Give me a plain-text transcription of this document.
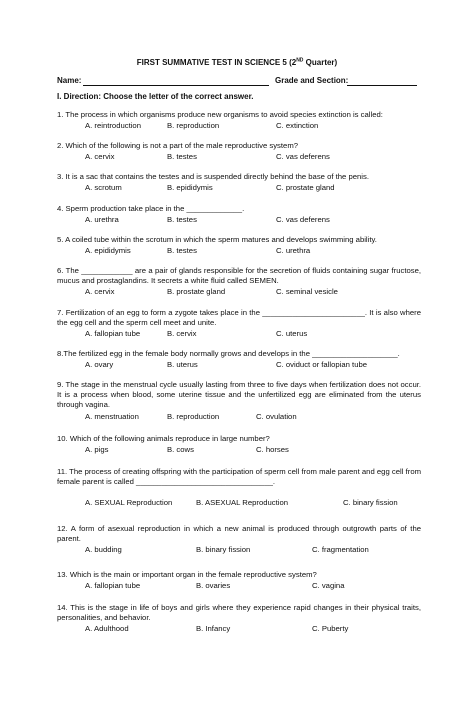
FIRST SUMMATIVE TEST IN SCIENCE 5 (2ND Quarter)
Name:	Grade and Section:
I. Direction: Choose the letter of the correct answer.
1. The process in which organisms produce new organisms to avoid species extinction is called:
A. reintroduction	B. reproduction	C. extinction
2. Which of the following is not a part of the male reproductive system?
A. cervix	B. testes	C. vas deferens
3. It is a sac that contains the testes and is suspended directly behind the base of the penis.
A. scrotum	B. epididymis	C. prostate gland
4. Sperm production take place in the _____________.
A. urethra	B. testes	C. vas deferens
5. A coiled tube within the scrotum in which the sperm matures and develops swimming ability.
A. epididymis	B. testes	C. urethra
6. The ____________ are a pair of glands responsible for the secretion of fluids containing sugar fructose, mucus and prostaglandins. It secrets a white fluid called SEMEN.
A. cervix	B. prostate gland	C. seminal vesicle
7. Fertilization of an egg to form a zygote takes place in the ________________________. It is also where the egg cell and the sperm cell meet and unite.
A. fallopian tube	B. cervix	C. uterus
8.The fertilized egg in the female body normally grows and develops in the ____________________.
A. ovary	B. uterus	C. oviduct or fallopian tube
9. The stage in the menstrual cycle usually lasting from three to five days when fertilization does not occur. It is a process when blood, some uterine tissue and the unfertilized egg are eliminated from the uterus through vagina.
A. menstruation	B. reproduction	C. ovulation
10. Which of the following animals reproduce in large number?
A. pigs	B. cows	C. horses
11. The process of creating offspring with the participation of sperm cell from male parent and egg cell from female parent is called ________________________________.
A. SEXUAL Reproduction	B. ASEXUAL Reproduction	C. binary fission
12. A form of asexual reproduction in which a new animal is produced through outgrowth parts of the parent.
A. budding	B. binary fission	C. fragmentation
13. Which is the main or important organ in the female reproductive system?
A. fallopian tube	B. ovaries	C. vagina
14. This is the stage in life of boys and girls where they experience rapid changes in their physical traits, personalities, and behavior.
A. Adulthood	B. Infancy	C. Puberty
